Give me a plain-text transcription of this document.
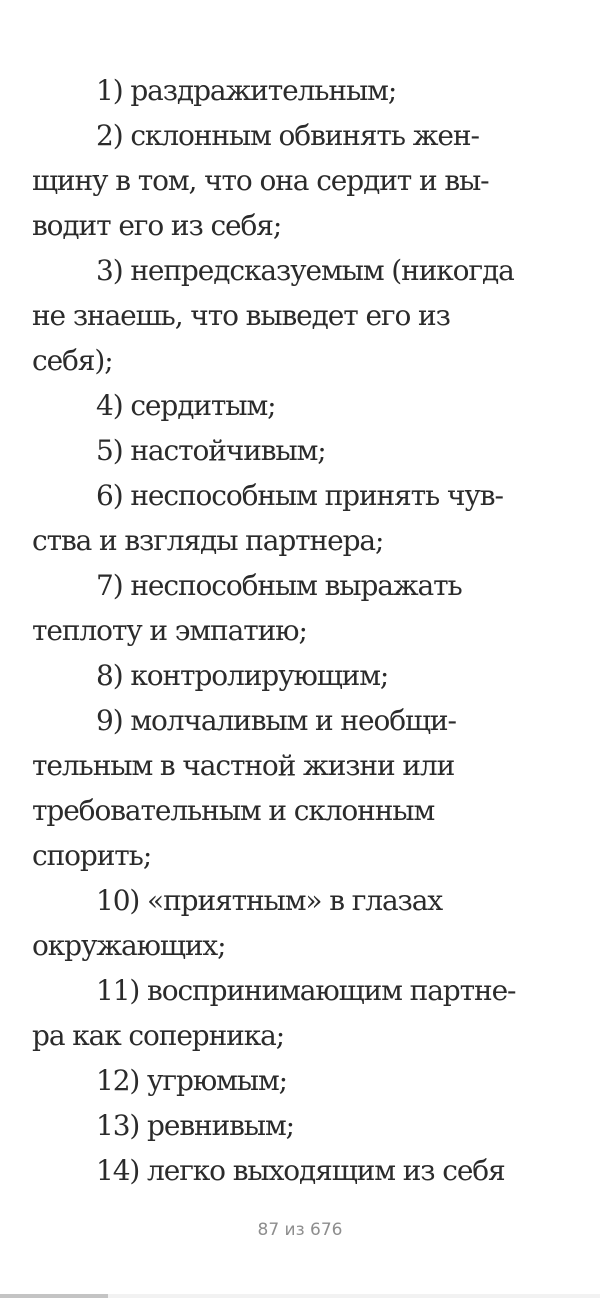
1) раздражительным;
2) склонным обвинять жен-
щину в том, что она сердит и вы-
водит его из себя;
3) непредсказуемым (никогда
не знаешь, что выведет его из
себя);
4) сердитым;
5) настойчивым;
6) неспособным принять чув-
ства и взгляды партнера;
7) неспособным выражать
теплоту и эмпатию;
8) контролирующим;
9) молчаливым и необщи-
тельным в частной жизни или
требовательным и склонным
спорить;
10) «приятным» в глазах
окружающих;
11) воспринимающим партне-
ра как соперника;
12) угрюмым;
13) ревнивым;
14) легко выходящим из себя
87 из 676
